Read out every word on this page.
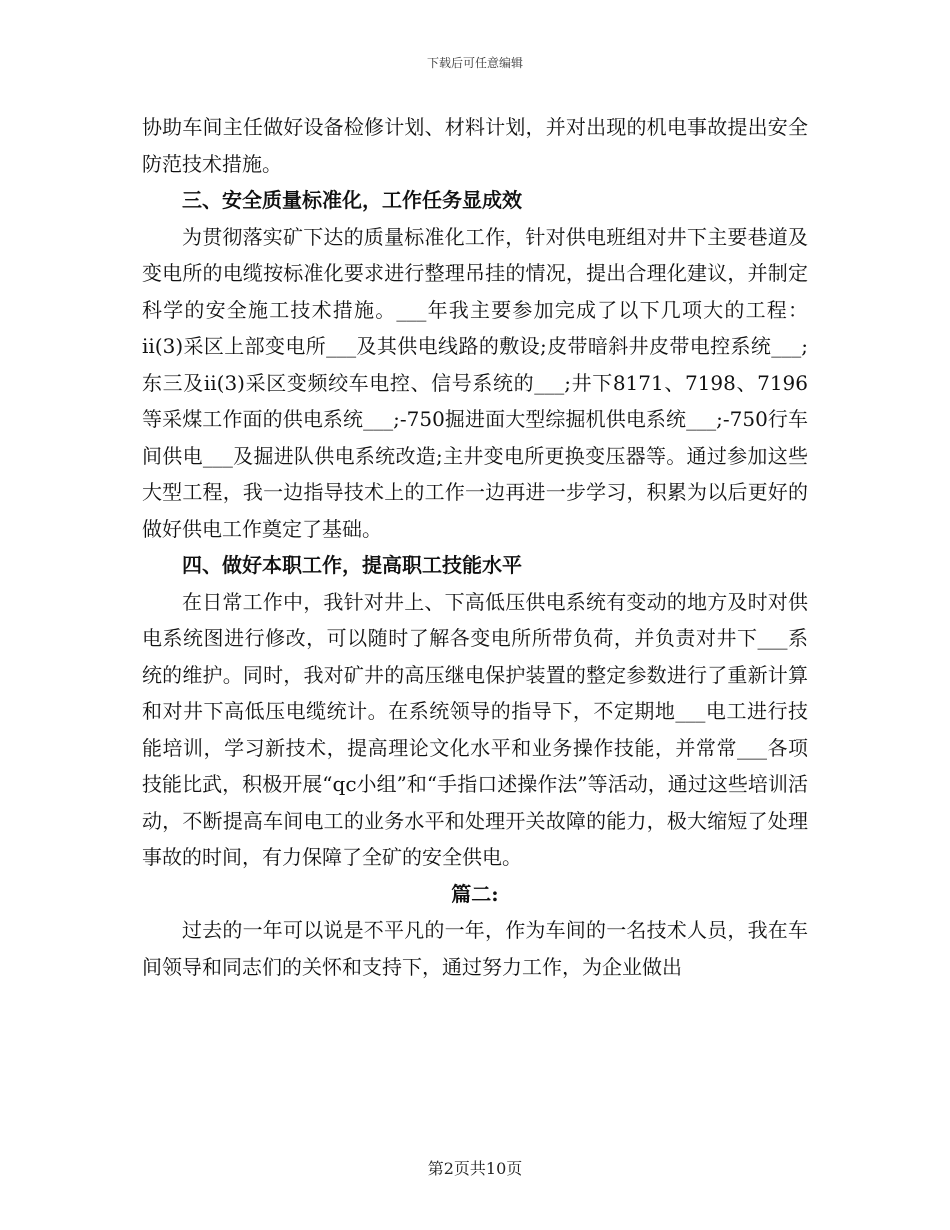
下载后可任意编辑

协助车间主任做好设备检修计划、材料计划，并对出现的机电事故提出安全防范技术措施。

三、安全质量标准化，工作任务显成效

为贯彻落实矿下达的质量标准化工作，针对供电班组对井下主要巷道及变电所的电缆按标准化要求进行整理吊挂的情况，提出合理化建议，并制定科学的安全施工技术措施。___年我主要参加完成了以下几项大的工程：ii(3)采区上部变电所___及其供电线路的敷设;皮带暗斜井皮带电控系统___;东三及ii(3)采区变频绞车电控、信号系统的___;井下8171、7198、7196等采煤工作面的供电系统___;-750掘进面大型综掘机供电系统___;-750行车间供电___及掘进队供电系统改造;主井变电所更换变压器等。通过参加这些大型工程，我一边指导技术上的工作一边再进一步学习，积累为以后更好的做好供电工作奠定了基础。

四、做好本职工作，提高职工技能水平

在日常工作中，我针对井上、下高低压供电系统有变动的地方及时对供电系统图进行修改，可以随时了解各变电所所带负荷，并负责对井下___系统的维护。同时，我对矿井的高压继电保护装置的整定参数进行了重新计算和对井下高低压电缆统计。在系统领导的指导下，不定期地___电工进行技能培训，学习新技术，提高理论文化水平和业务操作技能，并常常___各项技能比武，积极开展“qc小组”和“手指口述操作法”等活动，通过这些培训活动，不断提高车间电工的业务水平和处理开关故障的能力，极大缩短了处理事故的时间，有力保障了全矿的安全供电。

篇二:

过去的一年可以说是不平凡的一年，作为车间的一名技术人员，我在车间领导和同志们的关怀和支持下，通过努力工作，为企业做出

第2页共10页
